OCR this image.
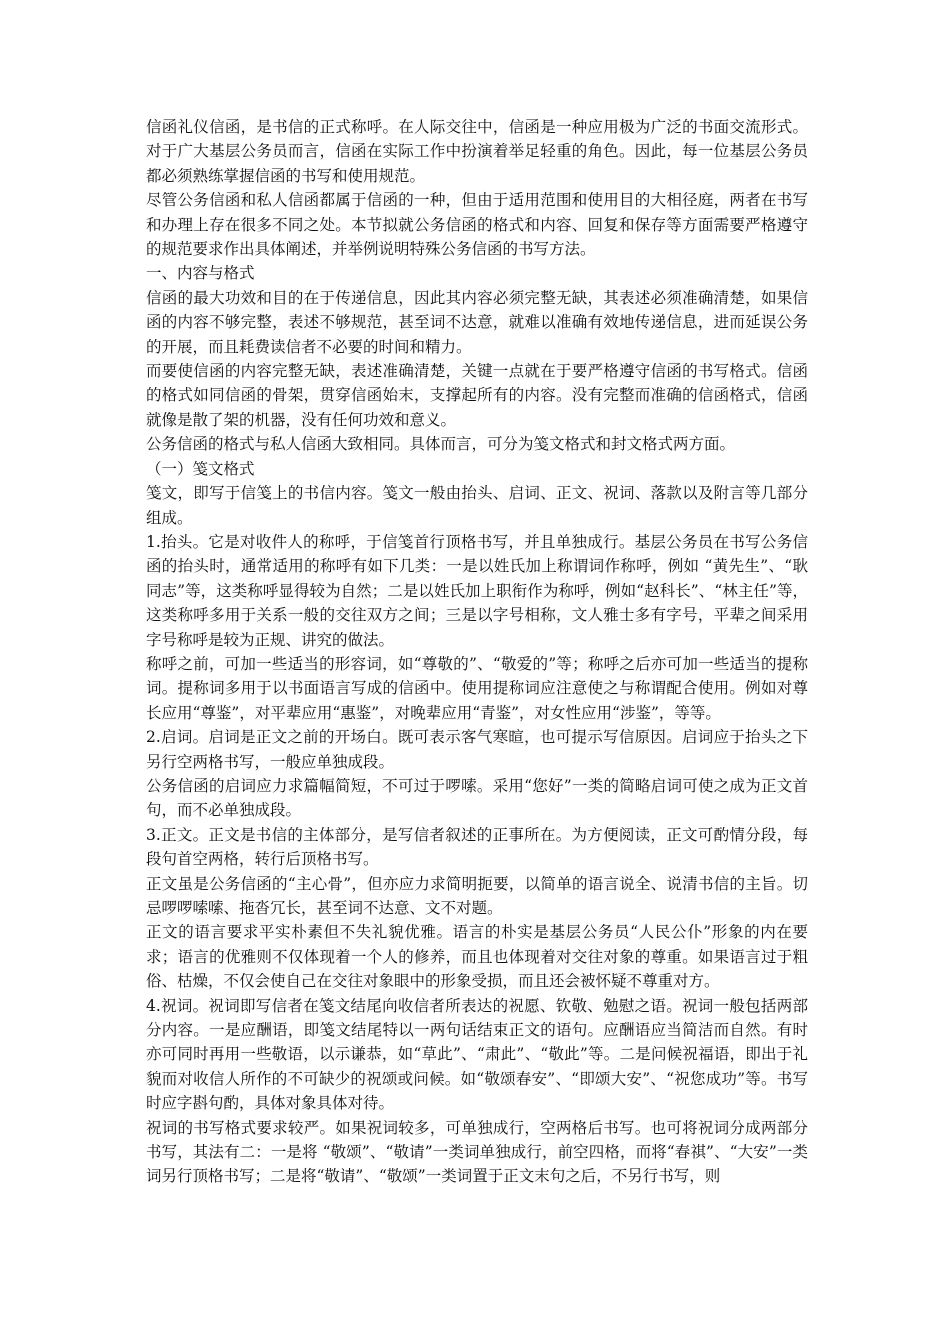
信函礼仪信函，是书信的正式称呼。在人际交往中，信函是一种应用极为广泛的书面交流形式。对于广大基层公务员而言，信函在实际工作中扮演着举足轻重的角色。因此，每一位基层公务员都必须熟练掌握信函的书写和使用规范。

尽管公务信函和私人信函都属于信函的一种，但由于适用范围和使用目的大相径庭，两者在书写和办理上存在很多不同之处。本节拟就公务信函的格式和内容、回复和保存等方面需要严格遵守的规范要求作出具体阐述，并举例说明特殊公务信函的书写方法。

一、内容与格式

信函的最大功效和目的在于传递信息，因此其内容必须完整无缺，其表述必须准确清楚，如果信函的内容不够完整，表述不够规范，甚至词不达意，就难以准确有效地传递信息，进而延误公务的开展，而且耗费读信者不必要的时间和精力。

而要使信函的内容完整无缺，表述准确清楚，关键一点就在于要严格遵守信函的书写格式。信函的格式如同信函的骨架，贯穿信函始末，支撑起所有的内容。没有完整而准确的信函格式，信函就像是散了架的机器，没有任何功效和意义。

公务信函的格式与私人信函大致相同。具体而言，可分为笺文格式和封文格式两方面。

（一）笺文格式

笺文，即写于信笺上的书信内容。笺文一般由抬头、启词、正文、祝词、落款以及附言等几部分组成。

1.抬头。它是对收件人的称呼，于信笺首行顶格书写，并且单独成行。基层公务员在书写公务信函的抬头时，通常适用的称呼有如下几类：一是以姓氏加上称谓词作称呼，例如 “黄先生”、“耿同志”等，这类称呼显得较为自然；二是以姓氏加上职衔作为称呼，例如“赵科长”、“林主任”等，这类称呼多用于关系一般的交往双方之间；三是以字号相称，文人雅士多有字号，平辈之间采用字号称呼是较为正规、讲究的做法。

称呼之前，可加一些适当的形容词，如“尊敬的”、“敬爱的”等；称呼之后亦可加一些适当的提称词。提称词多用于以书面语言写成的信函中。使用提称词应注意使之与称谓配合使用。例如对尊长应用“尊鉴”，对平辈应用“惠鉴”，对晚辈应用“青鉴”，对女性应用“涉鉴”，等等。

2.启词。启词是正文之前的开场白。既可表示客气寒暄，也可提示写信原因。启词应于抬头之下另行空两格书写，一般应单独成段。

公务信函的启词应力求篇幅简短，不可过于啰嗦。采用“您好”一类的简略启词可使之成为正文首句，而不必单独成段。

3.正文。正文是书信的主体部分，是写信者叙述的正事所在。为方便阅读，正文可酌情分段，每段句首空两格，转行后顶格书写。

正文虽是公务信函的“主心骨”，但亦应力求简明扼要，以简单的语言说全、说清书信的主旨。切忌啰啰嗦嗦、拖沓冗长，甚至词不达意、文不对题。

正文的语言要求平实朴素但不失礼貌优雅。语言的朴实是基层公务员“人民公仆”形象的内在要求；语言的优雅则不仅体现着一个人的修养，而且也体现着对交往对象的尊重。如果语言过于粗俗、枯燥，不仅会使自己在交往对象眼中的形象受损，而且还会被怀疑不尊重对方。

4.祝词。祝词即写信者在笺文结尾向收信者所表达的祝愿、钦敬、勉慰之语。祝词一般包括两部分内容。一是应酬语，即笺文结尾特以一两句话结束正文的语句。应酬语应当简洁而自然。有时亦可同时再用一些敬语，以示谦恭，如“草此”、“肃此”、“敬此”等。二是问候祝福语，即出于礼貌而对收信人所作的不可缺少的祝颂或问候。如“敬颂春安”、“即颂大安”、“祝您成功”等。书写时应字斟句酌，具体对象具体对待。

祝词的书写格式要求较严。如果祝词较多，可单独成行，空两格后书写。也可将祝词分成两部分书写，其法有二：一是将 “敬颂”、“敬请”一类词单独成行，前空四格，而将“春祺”、“大安”一类词另行顶格书写；二是将“敬请”、“敬颂”一类词置于正文末句之后，不另行书写，则
